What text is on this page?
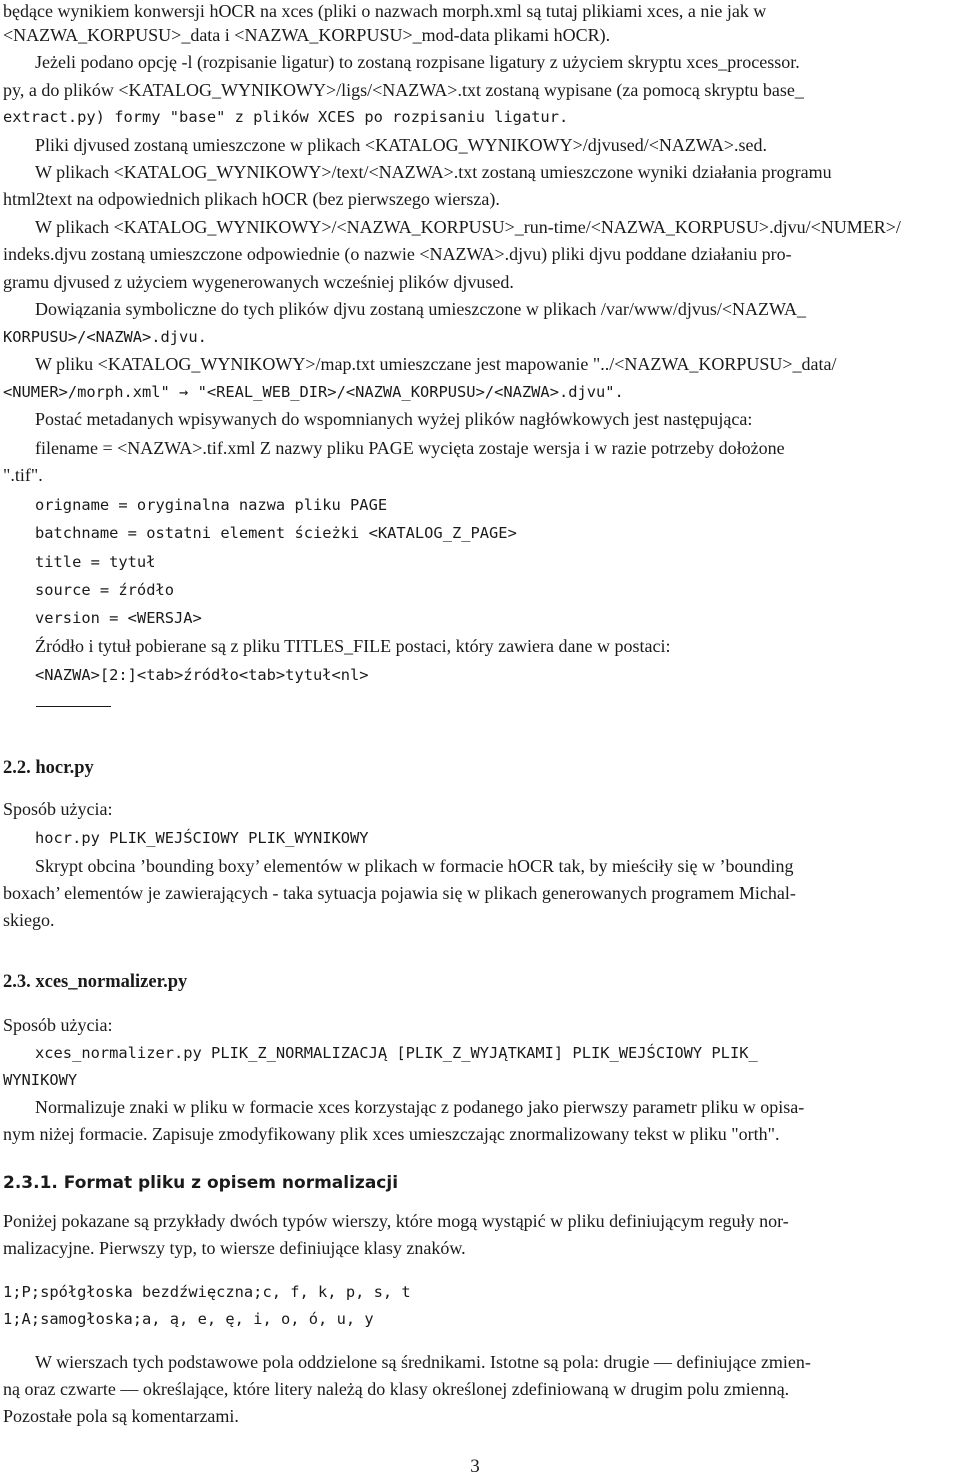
będące wynikiem konwersji hOCR na xces (pliki o nazwach morph.xml są tutaj plikiami xces, a nie jak w
<NAZWA_KORPUSU>_data i <NAZWA_KORPUSU>_mod-data plikami hOCR).
Jeżeli podano opcję -l (rozpisanie ligatur) to zostaną rozpisane ligatury z użyciem skryptu xces_processor.
py, a do plików <KATALOG_WYNIKOWY>/ligs/<NAZWA>.txt zostaną wypisane (za pomocą skryptu base_
extract.py) formy "base" z plików XCES po rozpisaniu ligatur.
Pliki djvused zostaną umieszczone w plikach <KATALOG_WYNIKOWY>/djvused/<NAZWA>.sed.
W plikach <KATALOG_WYNIKOWY>/text/<NAZWA>.txt zostaną umieszczone wyniki działania programu
html2text na odpowiednich plikach hOCR (bez pierwszego wiersza).
W plikach <KATALOG_WYNIKOWY>/<NAZWA_KORPUSU>_run-time/<NAZWA_KORPUSU>.djvu/<NUMER>/
indeks.djvu zostaną umieszczone odpowiednie (o nazwie <NAZWA>.djvu) pliki djvu poddane działaniu pro-
gramu djvused z użyciem wygenerowanych wcześniej plików djvused.
Dowiązania symboliczne do tych plików djvu zostaną umieszczone w plikach /var/www/djvus/<NAZWA_
KORPUSU>/<NAZWA>.djvu.
W pliku <KATALOG_WYNIKOWY>/map.txt umieszczane jest mapowanie "../<NAZWA_KORPUSU>_data/
<NUMER>/morph.xml" → "<REAL_WEB_DIR>/<NAZWA_KORPUSU>/<NAZWA>.djvu".
Postać metadanych wpisywanych do wspomnianych wyżej plików nagłówkowych jest następująca:
filename = <NAZWA>.tif.xml Z nazwy pliku PAGE wycięta zostaje wersja i w razie potrzeby dołożone
".tif".
origname = oryginalna nazwa pliku PAGE
batchname = ostatni element ścieżki <KATALOG_Z_PAGE>
title = tytuł
source = źródło
version = <WERSJA>
Źródło i tytuł pobierane są z pliku TITLES_FILE postaci, który zawiera dane w postaci:
<NAZWA>[2:]<tab>źródło<tab>tytuł<nl>
2.2. hocr.py
Sposób użycia:
hocr.py PLIK_WEJŚCIOWY PLIK_WYNIKOWY
Skrypt obcina ’bounding boxy’ elementów w plikach w formacie hOCR tak, by mieściły się w ’bounding
boxach’ elementów je zawierających - taka sytuacja pojawia się w plikach generowanych programem Michal-
skiego.
2.3. xces_normalizer.py
Sposób użycia:
xces_normalizer.py PLIK_Z_NORMALIZACJĄ [PLIK_Z_WYJĄTKAMI] PLIK_WEJŚCIOWY PLIK_
WYNIKOWY
Normalizuje znaki w pliku w formacie xces korzystając z podanego jako pierwszy parametr pliku w opisa-
nym niżej formacie. Zapisuje zmodyfikowany plik xces umieszczając znormalizowany tekst w pliku "orth".
2.3.1. Format pliku z opisem normalizacji
Poniżej pokazane są przykłady dwóch typów wierszy, które mogą wystąpić w pliku definiującym reguły nor-
malizacyjne. Pierwszy typ, to wiersze definiujące klasy znaków.
1;P;spółgłoska bezdźwięczna;c, f, k, p, s, t
1;A;samogłoska;a, ą, e, ę, i, o, ó, u, y
W wierszach tych podstawowe pola oddzielone są średnikami. Istotne są pola: drugie — definiujące zmien-
ną oraz czwarte — określające, które litery należą do klasy określonej zdefiniowaną w drugim polu zmienną.
Pozostałe pola są komentarzami.
3
